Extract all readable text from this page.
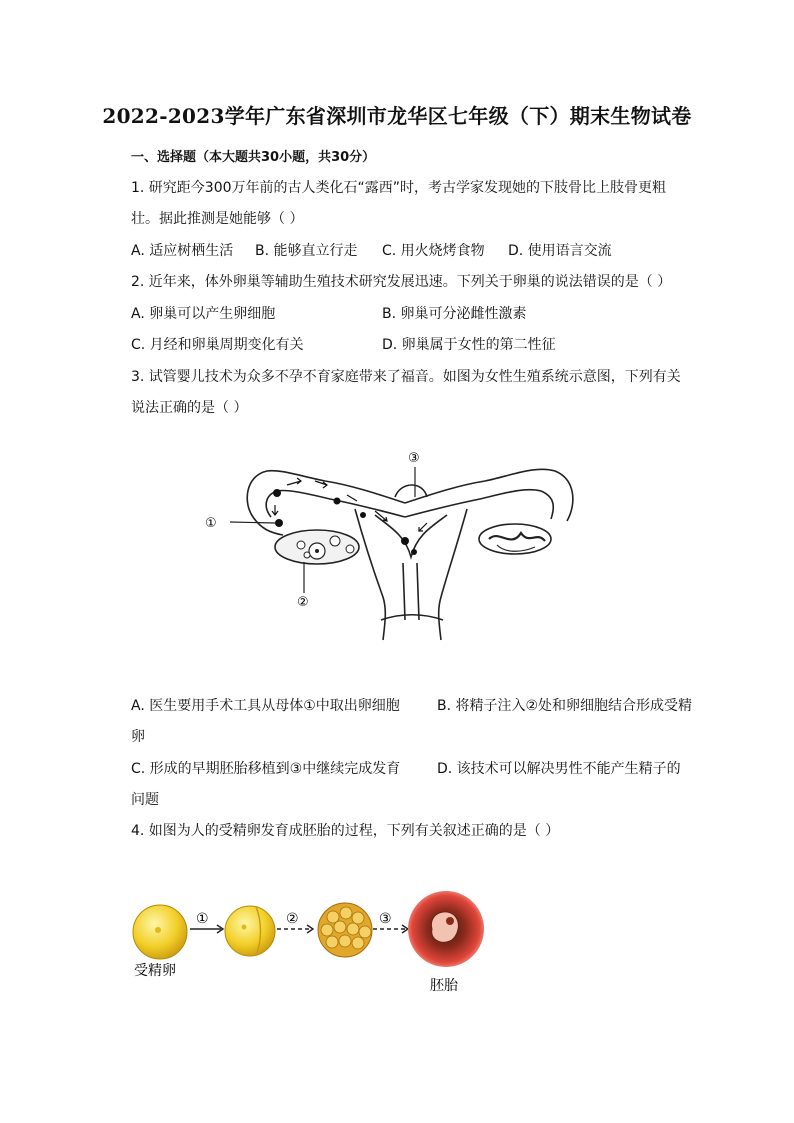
2022-2023学年广东省深圳市龙华区七年级（下）期末生物试卷
一、选择题（本大题共30小题，共30分）
1. 研究距今300万年前的古人类化石“露西”时，考古学家发现她的下肢骨比上肢骨更粗
壮。据此推测是她能够（ ）
A. 适应树栖生活 B. 能够直立行走 C. 用火烧烤食物 D. 使用语言交流
2. 近年来，体外卵巢等辅助生殖技术研究发展迅速。下列关于卵巢的说法错误的是（ ）
A. 卵巢可以产生卵细胞	B. 卵巢可分泌雌性激素
C. 月经和卵巢周期变化有关	D. 卵巢属于女性的第二性征
3. 试管婴儿技术为众多不孕不育家庭带来了福音。如图为女性生殖系统示意图，下列有关
说法正确的是（ ）
①
②
③
A. 医生要用手术工具从母体①中取出卵细胞	B. 将精子注入②处和卵细胞结合形成受精
卵
C. 形成的早期胚胎移植到③中继续完成发育	D. 该技术可以解决男性不能产生精子的
问题
4. 如图为人的受精卵发育成胚胎的过程，下列有关叙述正确的是（ ）
①	②	③
受精卵
胚胎
